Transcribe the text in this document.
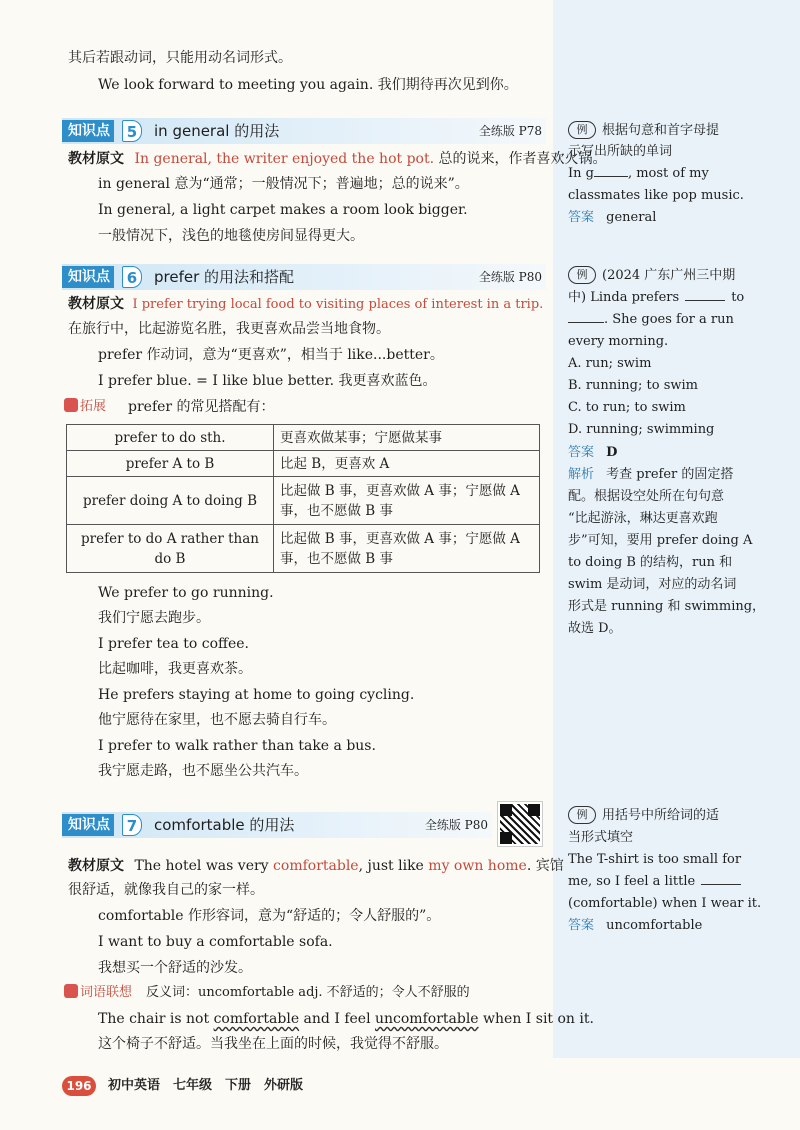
其后若跟动词，只能用动名词形式。
We look forward to meeting you again. 我们期待再次见到你。
知识点	5	in general 的用法	全练版 P78
教材原文 In general, the writer enjoyed the hot pot. 总的说来，作者喜欢火锅。
in general 意为“通常；一般情况下；普遍地；总的说来”。
In general, a light carpet makes a room look bigger.
一般情况下，浅色的地毯使房间显得更大。
知识点	6	prefer 的用法和搭配	全练版 P80
教材原文 I prefer trying local food to visiting places of interest in a trip.
在旅行中，比起游览名胜，我更喜欢品尝当地食物。
prefer 作动词，意为“更喜欢”，相当于 like...better。
I prefer blue. = I like blue better. 我更喜欢蓝色。
拓展 prefer 的常见搭配有：
prefer to do sth.	更喜欢做某事；宁愿做某事
prefer A to B	比起 B，更喜欢 A
prefer doing A to doing B	比起做 B 事，更喜欢做 A 事；宁愿做 A 事，也不愿做 B 事
prefer to do A rather than do B	比起做 B 事，更喜欢做 A 事；宁愿做 A 事，也不愿做 B 事
We prefer to go running.
我们宁愿去跑步。
I prefer tea to coffee.
比起咖啡，我更喜欢茶。
He prefers staying at home to going cycling.
他宁愿待在家里，也不愿去骑自行车。
I prefer to walk rather than take a bus.
我宁愿走路，也不愿坐公共汽车。
知识点	7	comfortable 的用法	全练版 P80
教材原文 The hotel was very comfortable, just like my own home. 宾馆
很舒适，就像我自己的家一样。
comfortable 作形容词，意为“舒适的；令人舒服的”。
I want to buy a comfortable sofa.
我想买一个舒适的沙发。
词语联想 反义词：uncomfortable adj. 不舒适的；令人不舒服的
The chair is not comfortable and I feel uncomfortable when I sit on it.
这个椅子不舒适。当我坐在上面的时候，我觉得不舒服。
例 根据句意和首字母提
示写出所缺的单词
In g	, most of my
classmates like pop music.
答案 general
例 (2024 广东广州三中期
中) Linda prefers	to
. She goes for a run
every morning.
A. run; swim
B. running; to swim
C. to run; to swim
D. running; swimming
答案 D
解析 考查 prefer 的固定搭
配。根据设空处所在句句意
“比起游泳，琳达更喜欢跑
步”可知，要用 prefer doing A
to doing B 的结构，run 和
swim 是动词，对应的动名词
形式是 running 和 swimming，
故选 D。
例 用括号中所给词的适
当形式填空
The T-shirt is too small for
me, so I feel a little
(comfortable) when I wear it.
答案 uncomfortable
196	初中英语　七年级　下册　外研版
